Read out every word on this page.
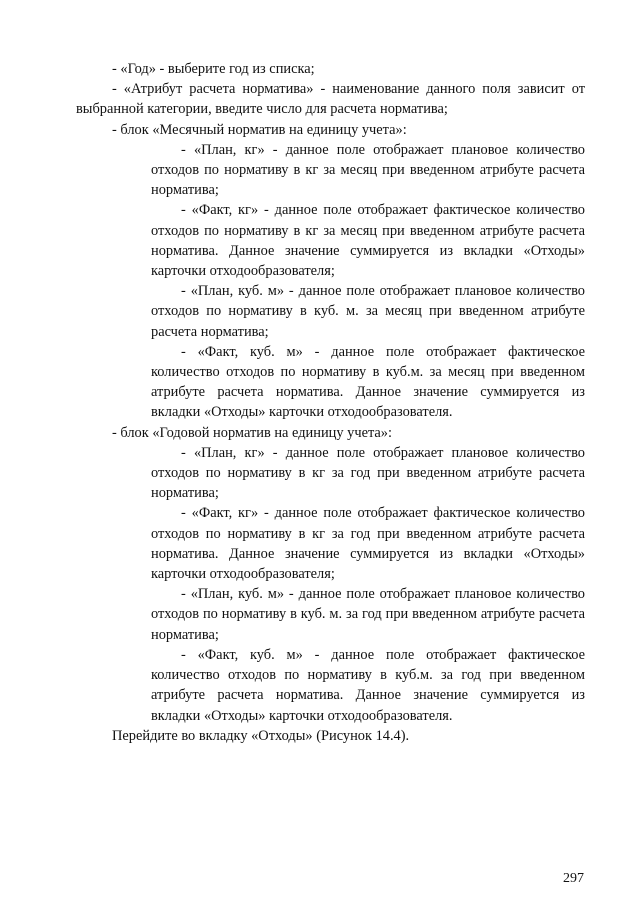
- «Год» - выберите год из списка;

- «Атрибут расчета норматива» - наименование данного поля зависит от выбранной категории, введите число для расчета норматива;

- блок «Месячный норматив на единицу учета»:

- «План, кг» - данное поле отображает плановое количество отходов по нормативу в кг за месяц при введенном атрибуте расчета норматива;

- «Факт, кг» - данное поле отображает фактическое количество отходов по нормативу в кг за месяц при введенном атрибуте расчета норматива. Данное значение суммируется из вкладки «Отходы» карточки отходообразователя;

- «План, куб. м» - данное поле отображает плановое количество отходов по нормативу в куб. м. за месяц при введенном атрибуте расчета норматива;

- «Факт, куб. м» - данное поле отображает фактическое количество отходов по нормативу в куб.м. за месяц при введенном атрибуте расчета норматива. Данное значение суммируется из вкладки «Отходы» карточки отходообразователя.

- блок «Годовой норматив на единицу учета»:

- «План, кг» - данное поле отображает плановое количество отходов по нормативу в кг за год при введенном атрибуте расчета норматива;

- «Факт, кг» - данное поле отображает фактическое количество отходов по нормативу в кг за год при введенном атрибуте расчета норматива. Данное значение суммируется из вкладки «Отходы» карточки отходообразователя;

- «План, куб. м» - данное поле отображает плановое количество отходов по нормативу в куб. м. за год при введенном атрибуте расчета норматива;

- «Факт, куб. м» - данное поле отображает фактическое количество отходов по нормативу в куб.м. за год при введенном атрибуте расчета норматива. Данное значение суммируется из вкладки «Отходы» карточки отходообразователя.

Перейдите во вкладку «Отходы» (Рисунок 14.4).

297
